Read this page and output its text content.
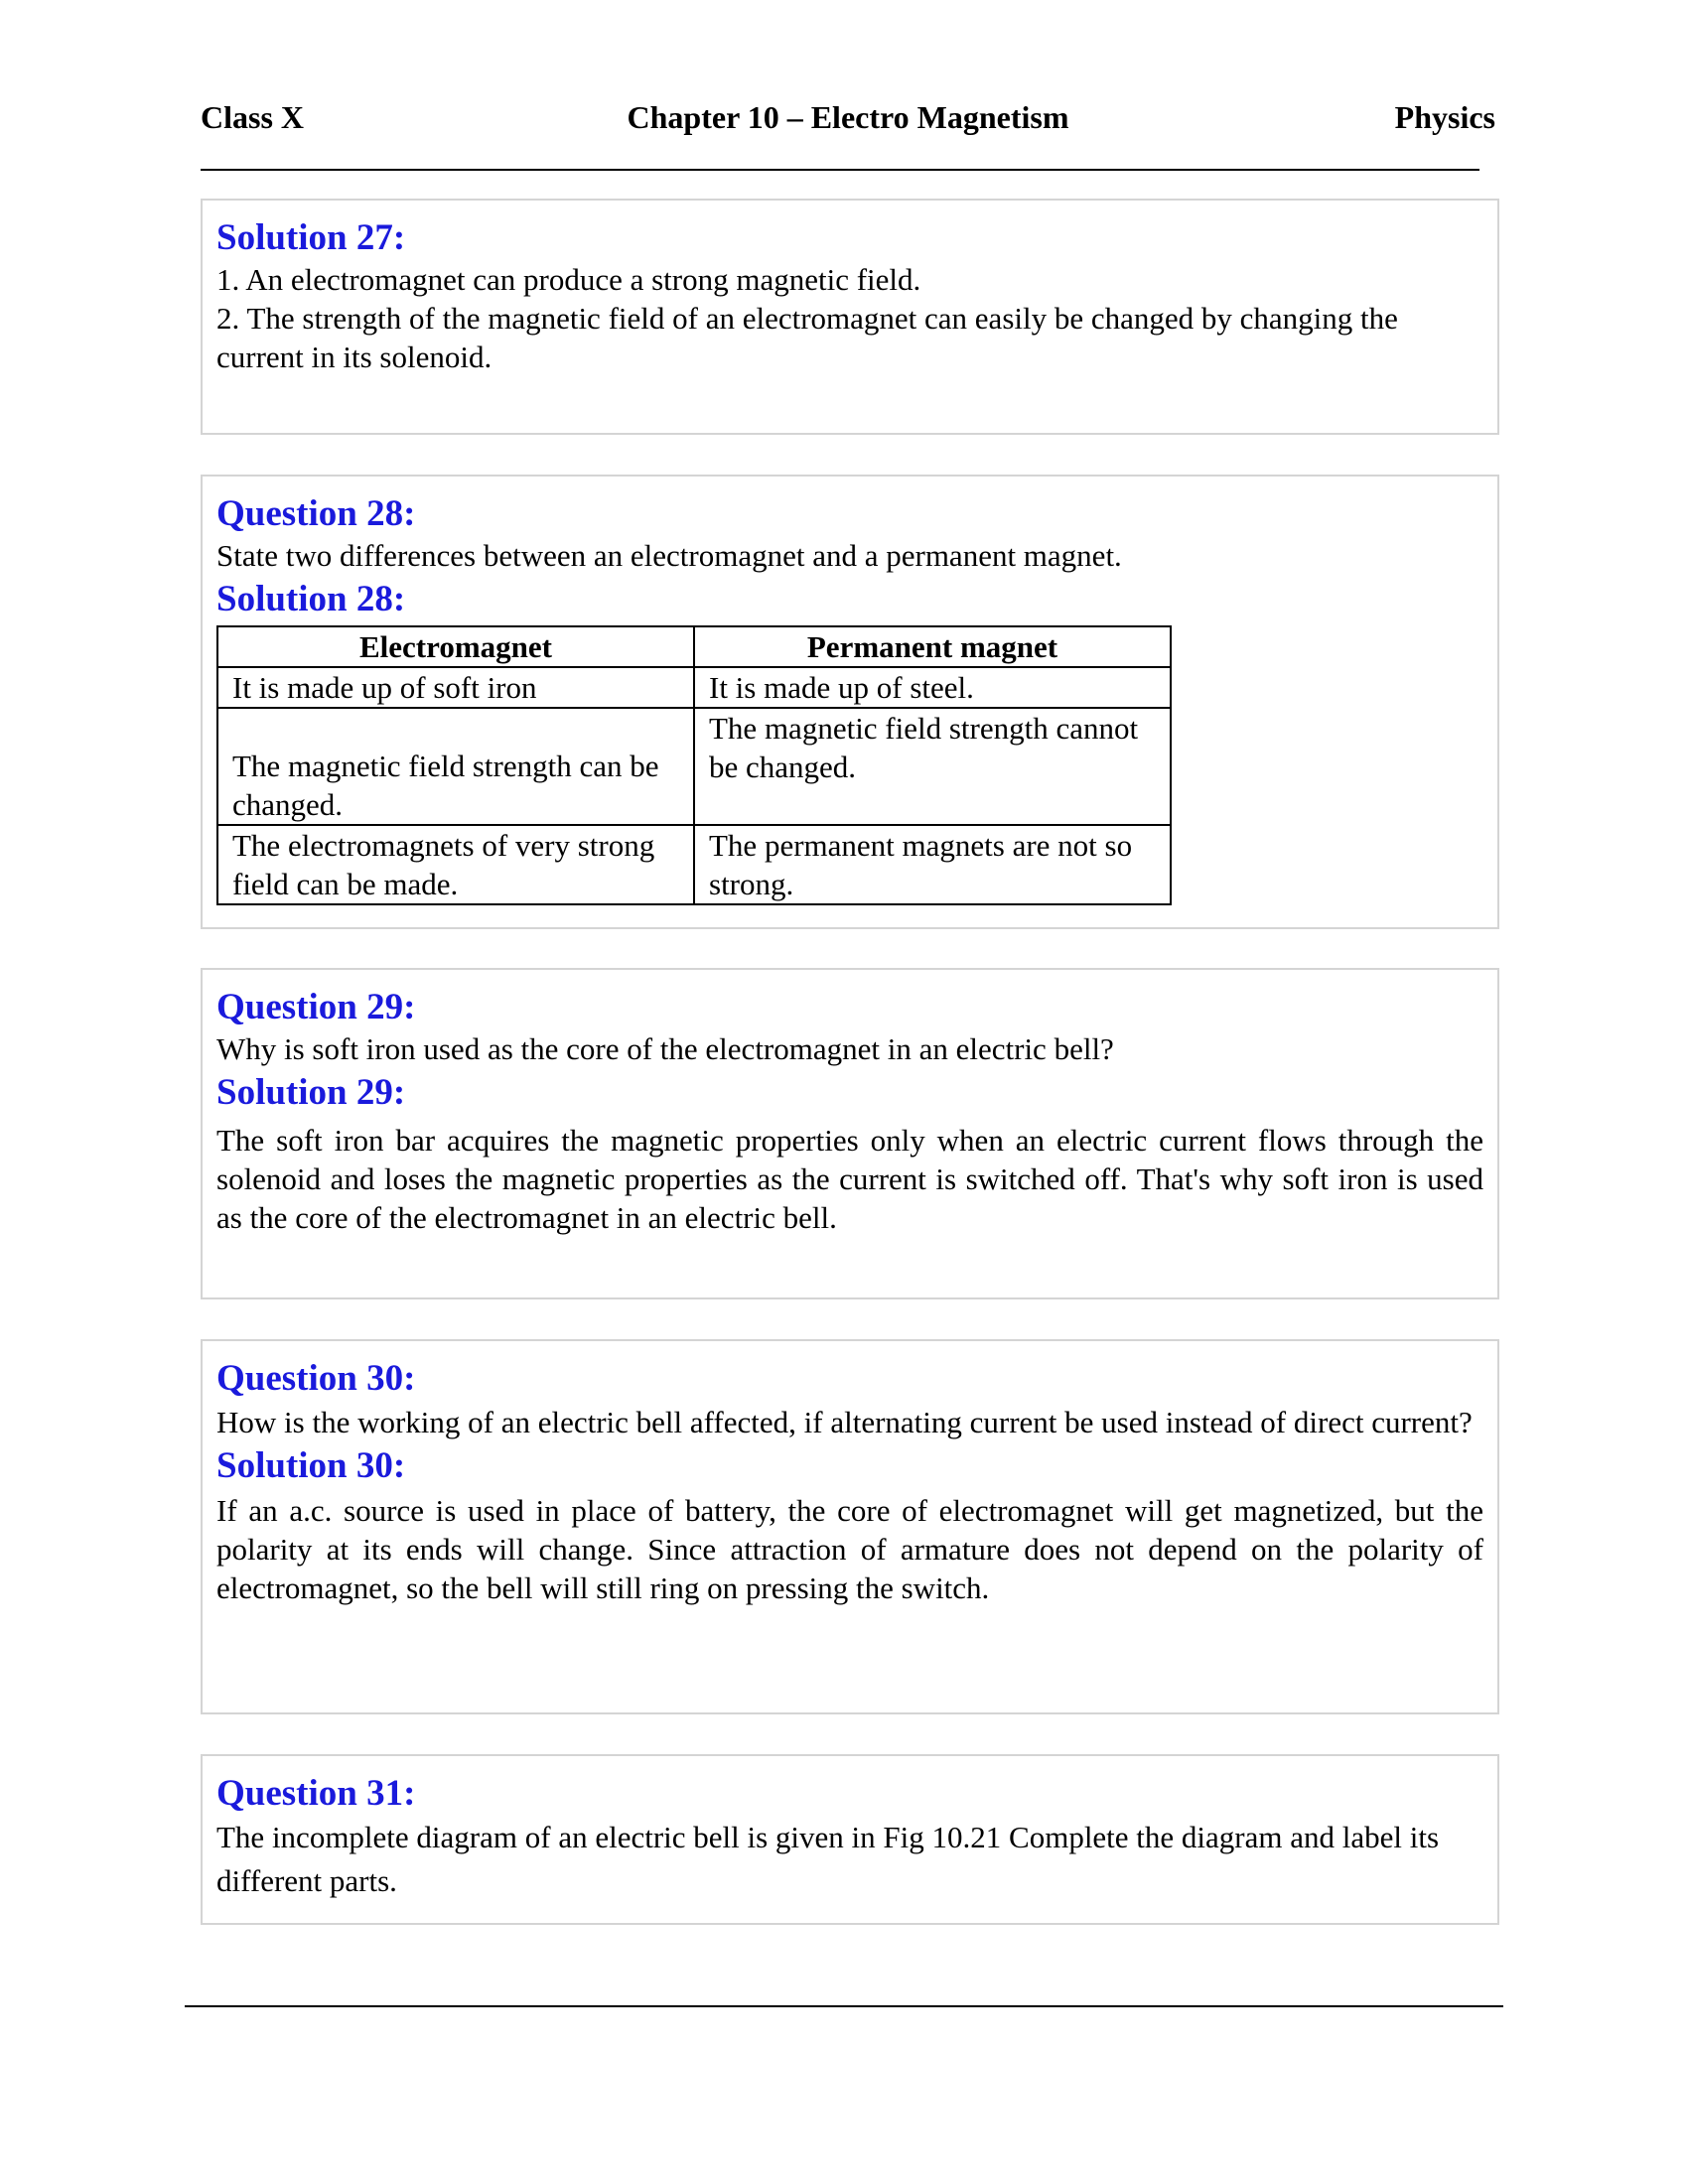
Class X	Chapter 10 – Electro Magnetism	Physics
Solution 27:
1. An electromagnet can produce a strong magnetic field.
2. The strength of the magnetic field of an electromagnet can easily be changed by changing the current in its solenoid.
Question 28:
State two differences between an electromagnet and a permanent magnet.
Solution 28:
Electromagnet	Permanent magnet
It is made up of soft iron	It is made up of steel.
The magnetic field strength can be changed.	The magnetic field strength cannot be changed.
The electromagnets of very strong field can be made.	The permanent magnets are not so strong.
Question 29:
Why is soft iron used as the core of the electromagnet in an electric bell?
Solution 29:
The soft iron bar acquires the magnetic properties only when an electric current flows through the solenoid and loses the magnetic properties as the current is switched off. That's why soft iron is used as the core of the electromagnet in an electric bell.
Question 30:
How is the working of an electric bell affected, if alternating current be used instead of direct current?
Solution 30:
If an a.c. source is used in place of battery, the core of electromagnet will get magnetized, but the polarity at its ends will change. Since attraction of armature does not depend on the polarity of electromagnet, so the bell will still ring on pressing the switch.
Question 31:
The incomplete diagram of an electric bell is given in Fig 10.21 Complete the diagram and label its different parts.
